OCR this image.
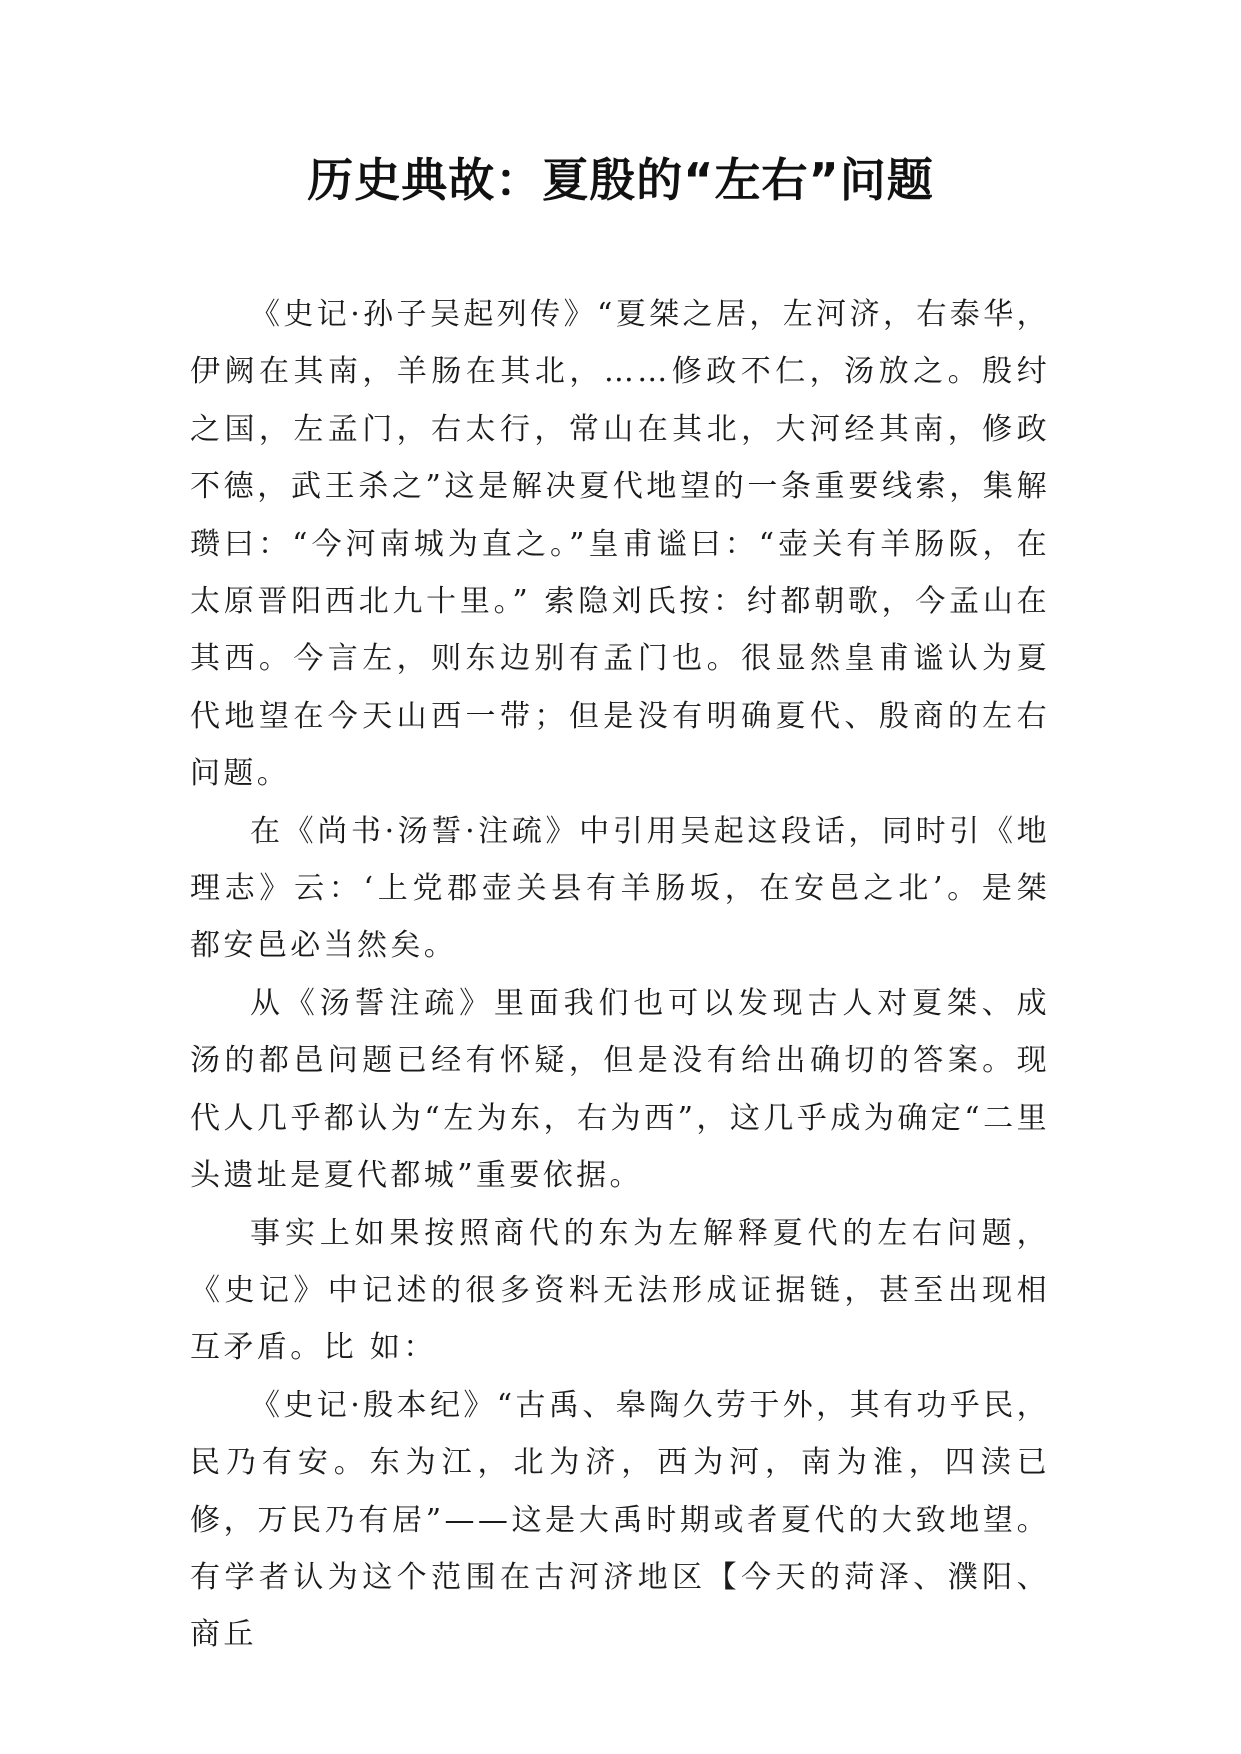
历史典故：夏殷的“左右”问题

《史记·孙子吴起列传》“夏桀之居，左河济，右泰华，伊阙在其南，羊肠在其北，……修政不仁，汤放之。殷纣之国，左孟门，右太行，常山在其北，大河经其南，修政不德，武王杀之”这是解决夏代地望的一条重要线索，集解瓒曰：“今河南城为直之。”皇甫谧曰：“壶关有羊肠阪，在太原晋阳西北九十里。” 索隐刘氏按：纣都朝歌，今孟山在其西。今言左，则东边别有孟门也。很显然皇甫谧认为夏代地望在今天山西一带；但是没有明确夏代、殷商的左右问题。

在《尚书·汤誓·注疏》中引用吴起这段话，同时引《地理志》云：‘上党郡壶关县有羊肠坂，在安邑之北’。是桀都安邑必当然矣。

从《汤誓注疏》里面我们也可以发现古人对夏桀、成汤的都邑问题已经有怀疑，但是没有给出确切的答案。现代人几乎都认为“左为东，右为西”，这几乎成为确定“二里头遗址是夏代都城”重要依据。

事实上如果按照商代的东为左解释夏代的左右问题，《史记》中记述的很多资料无法形成证据链，甚至出现相互矛盾。比 如：

《史记·殷本纪》“古禹、皋陶久劳于外，其有功乎民，民乃有安。东为江，北为济，西为河，南为淮，四渎已修，万民乃有居”——这是大禹时期或者夏代的大致地望。有学者认为这个范围在古河济地区【今天的菏泽、濮阳、商丘
